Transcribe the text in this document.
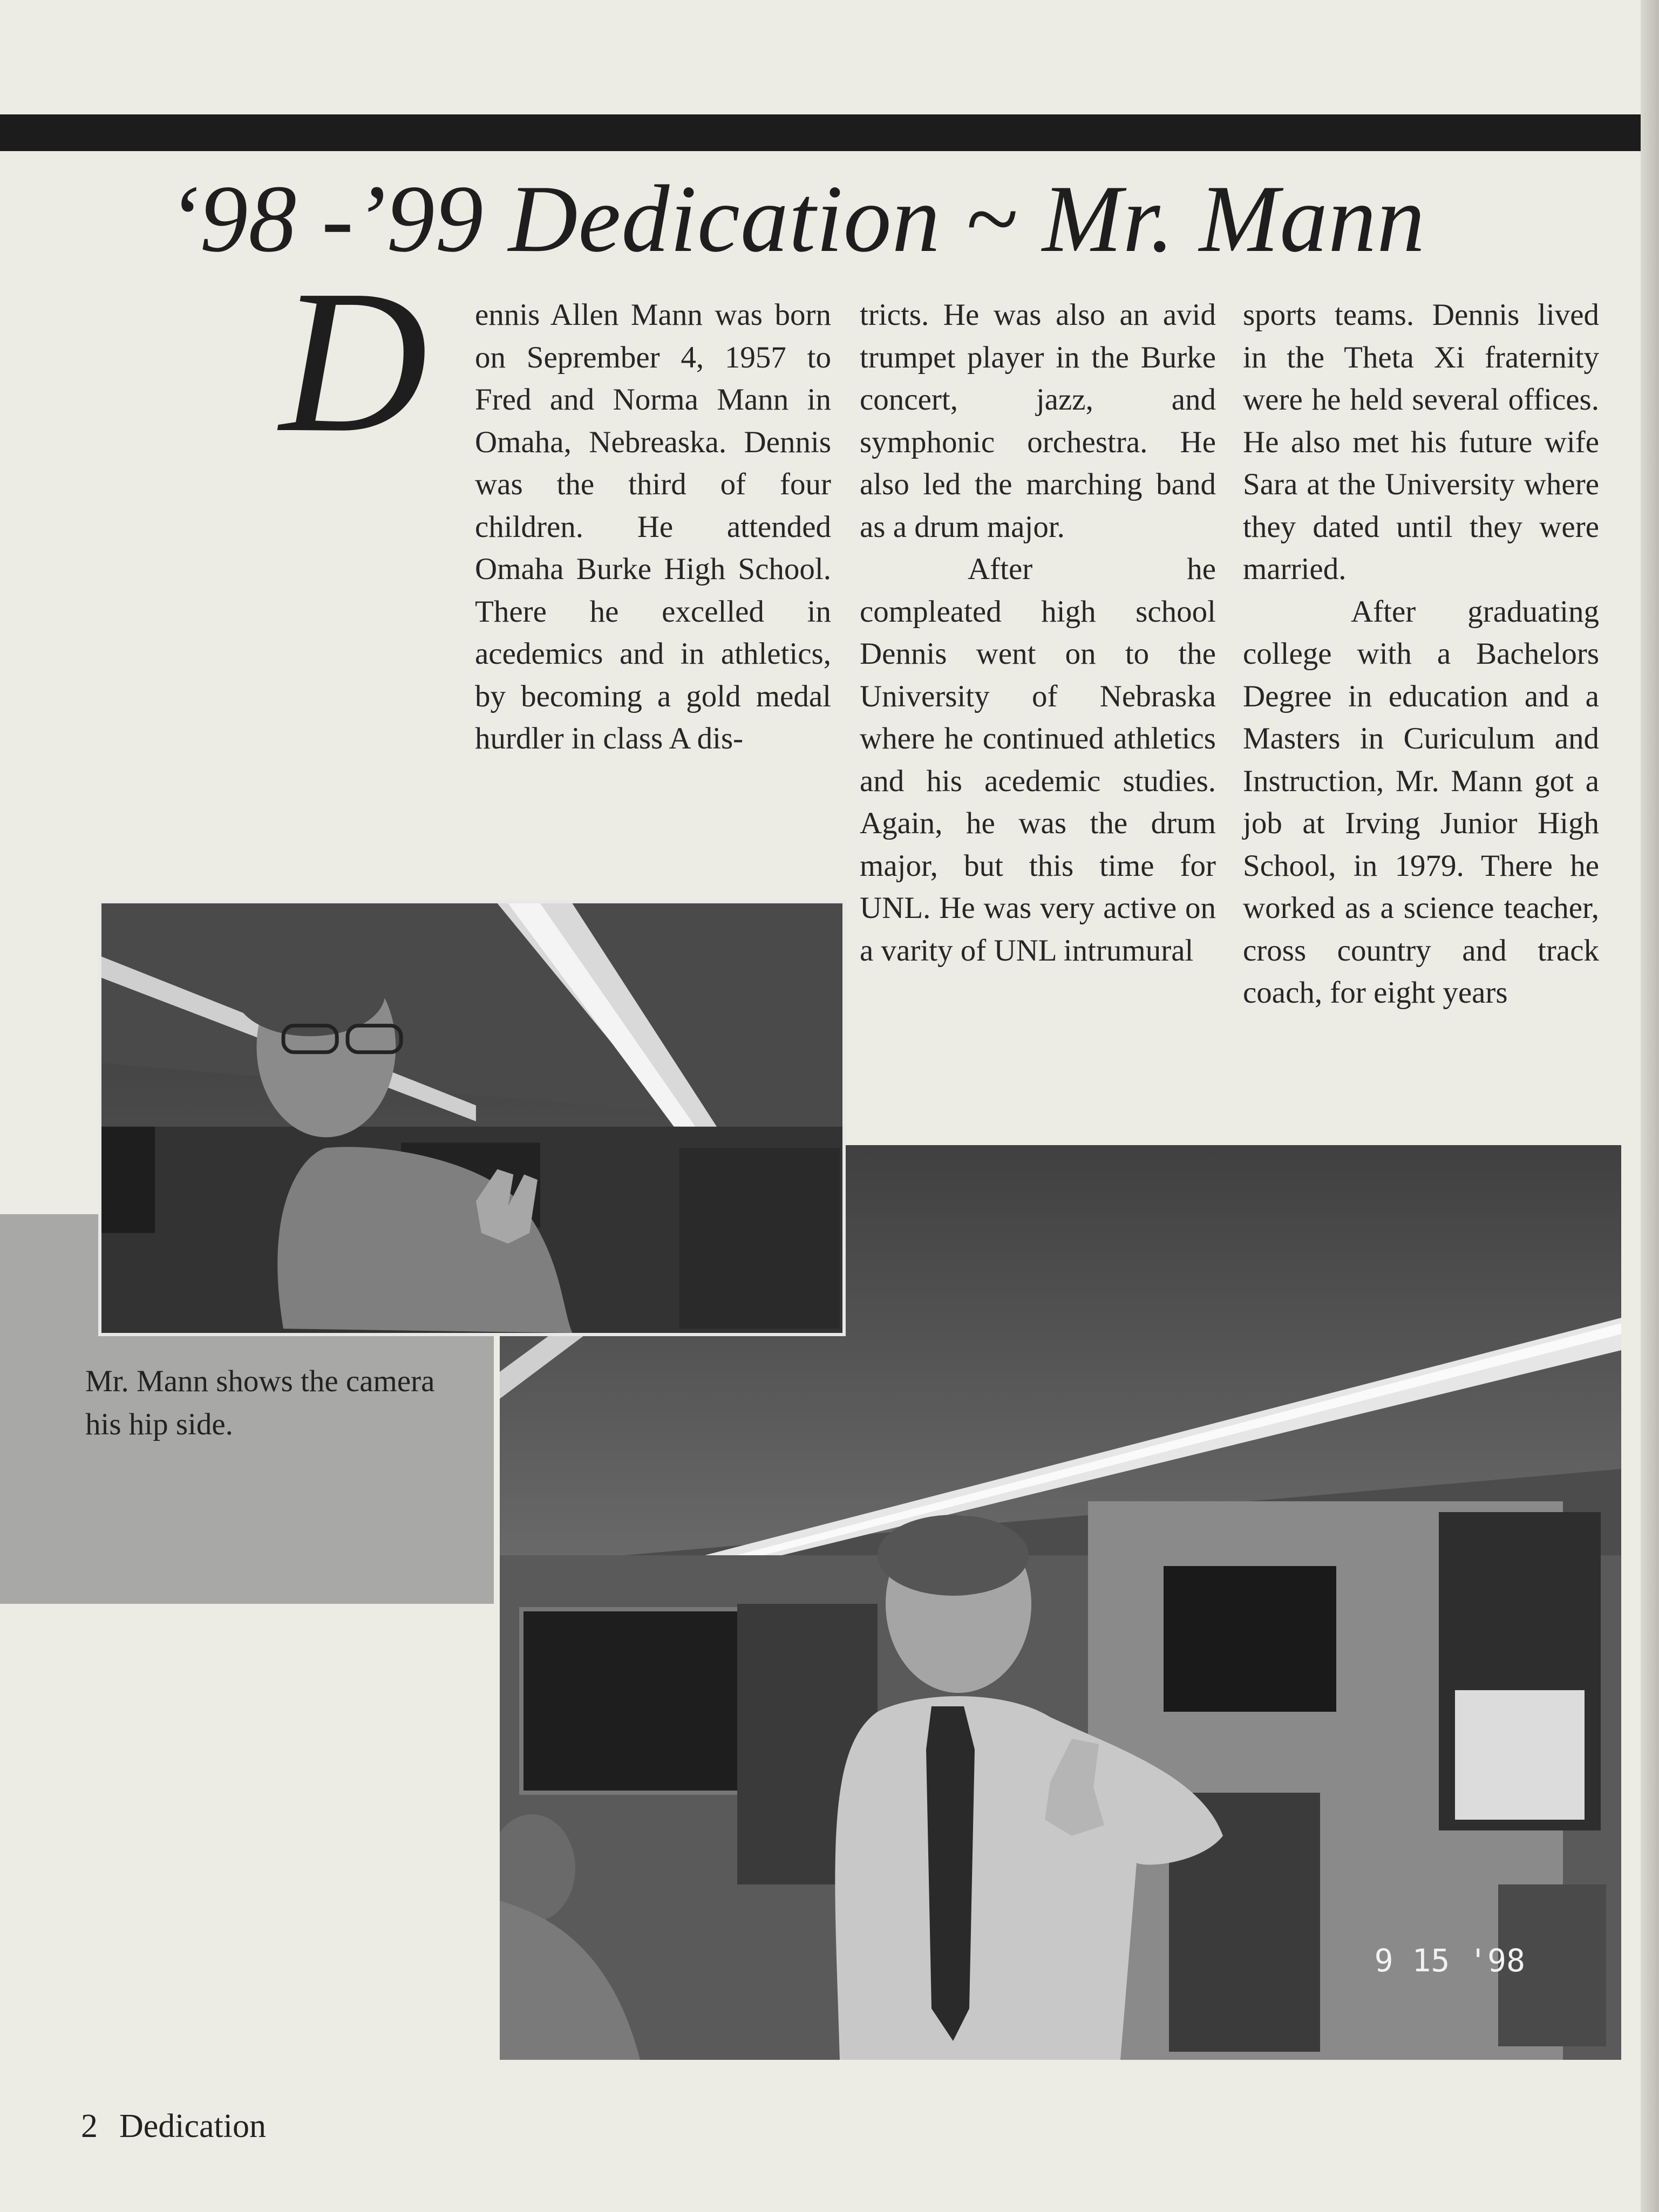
‘98 -’99 Dedication ~ Mr. Mann
D	ennis Allen Mann was born on Seprember 4, 1957 to Fred and Norma Mann in Omaha, Nebreaska. Dennis was the third of four children. He attended Omaha Burke High School. There he excelled in acedemics and in athletics, by becoming a gold medal hurdler in class A dis-

tricts. He was also an avid trumpet player in the Burke concert, jazz, and symphonic orchestra. He also led the marching band as a drum major.

After he compleated high school Dennis went on to the University of Nebraska where he continued athletics and his acedemic studies. Again, he was the drum major, but this time for UNL. He was very active on a varity of UNL intrumural

sports teams. Dennis lived in the Theta Xi fraternity were he held several offices. He also met his future wife Sara at the University where they dated until they were married.

After graduating college with a Bachelors Degree in education and a Masters in Curiculum and Instruction, Mr. Mann got a job at Irving Junior High School, in 1979. There he worked as a science teacher, cross country and track coach, for eight years

9 15 '98
Mr. Mann shows the camera his hip side.
2 Dedication
